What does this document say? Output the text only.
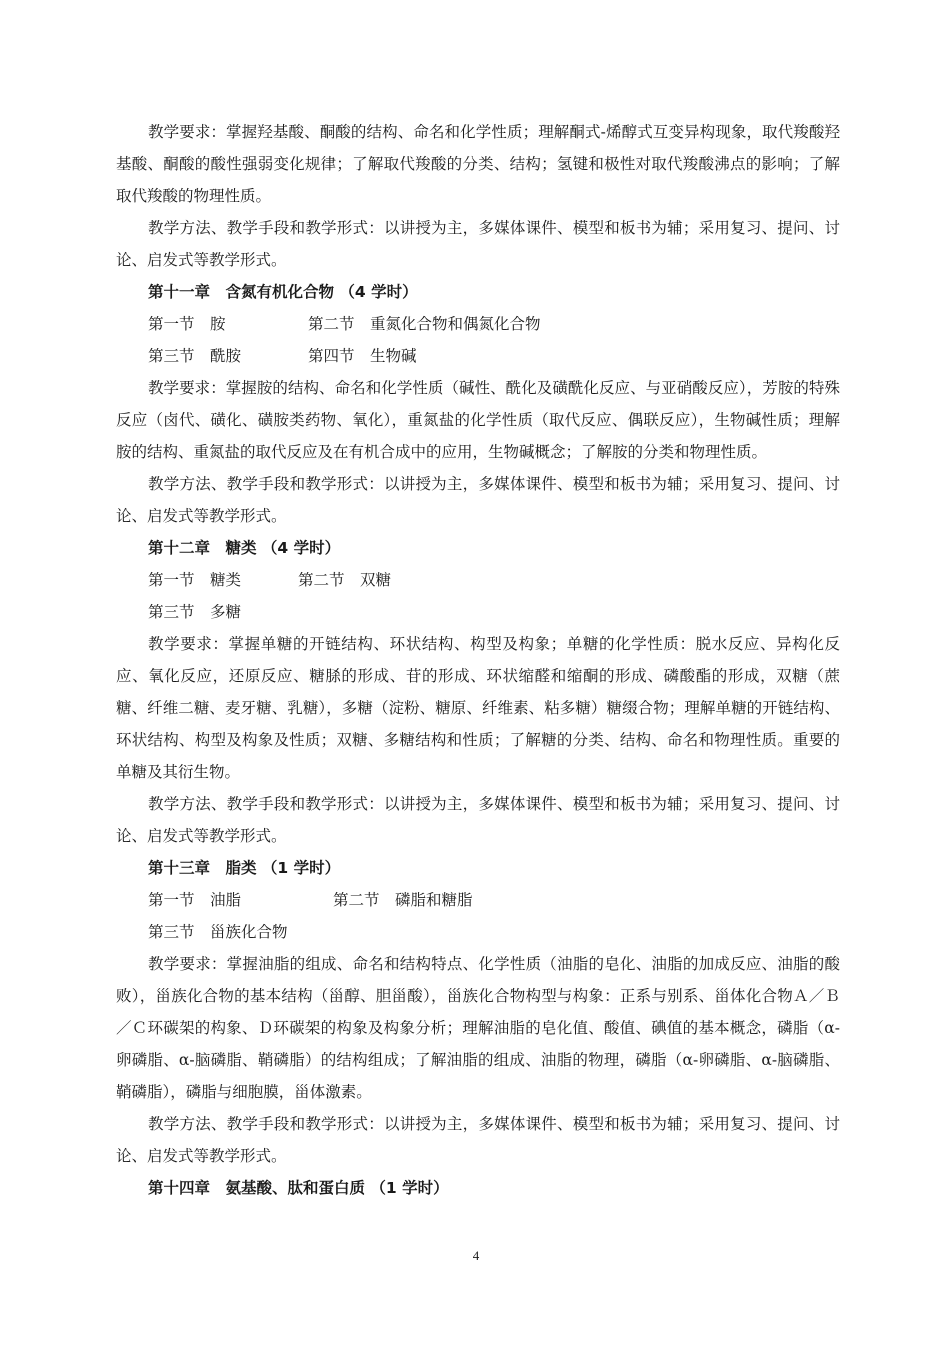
教学要求：掌握羟基酸、酮酸的结构、命名和化学性质；理解酮式-烯醇式互变异构现象，取代羧酸羟基酸、酮酸的酸性强弱变化规律；了解取代羧酸的分类、结构；氢键和极性对取代羧酸沸点的影响；了解取代羧酸的物理性质。

教学方法、教学手段和教学形式：以讲授为主，多媒体课件、模型和板书为辅；采用复习、提问、讨论、启发式等教学形式。

第十一章　含氮有机化合物 （4 学时）

第一节　胺	第二节　重氮化合物和偶氮化合物

第三节　酰胺	第四节　生物碱

教学要求：掌握胺的结构、命名和化学性质（碱性、酰化及磺酰化反应、与亚硝酸反应），芳胺的特殊反应（卤代、磺化、磺胺类药物、氧化），重氮盐的化学性质（取代反应、偶联反应），生物碱性质；理解胺的结构、重氮盐的取代反应及在有机合成中的应用，生物碱概念；了解胺的分类和物理性质。

教学方法、教学手段和教学形式：以讲授为主，多媒体课件、模型和板书为辅；采用复习、提问、讨论、启发式等教学形式。

第十二章　糖类 （4 学时）

第一节　糖类	第二节　双糖

第三节　多糖

教学要求：掌握单糖的开链结构、环状结构、构型及构象；单糖的化学性质：脱水反应、异构化反应、氧化反应，还原反应、糖脎的形成、苷的形成、环状缩醛和缩酮的形成、磷酸酯的形成，双糖（蔗糖、纤维二糖、麦牙糖、乳糖），多糖（淀粉、糖原、纤维素、粘多糖）糖缀合物；理解单糖的开链结构、环状结构、构型及构象及性质；双糖、多糖结构和性质；了解糖的分类、结构、命名和物理性质。重要的单糖及其衍生物。

教学方法、教学手段和教学形式：以讲授为主，多媒体课件、模型和板书为辅；采用复习、提问、讨论、启发式等教学形式。

第十三章　脂类 （1 学时）

第一节　油脂	第二节　磷脂和糖脂

第三节　甾族化合物

教学要求：掌握油脂的组成、命名和结构特点、化学性质（油脂的皂化、油脂的加成反应、油脂的酸败），甾族化合物的基本结构（甾醇、胆甾酸），甾族化合物构型与构象：正系与别系、甾体化合物Ａ／Ｂ／Ｃ环碳架的构象、Ｄ环碳架的构象及构象分析；理解油脂的皂化值、酸值、碘值的基本概念，磷脂（α-卵磷脂、α-脑磷脂、鞘磷脂）的结构组成；了解油脂的组成、油脂的物理，磷脂（α-卵磷脂、α-脑磷脂、鞘磷脂），磷脂与细胞膜，甾体激素。

教学方法、教学手段和教学形式：以讲授为主，多媒体课件、模型和板书为辅；采用复习、提问、讨论、启发式等教学形式。

第十四章　氨基酸、肽和蛋白质 （1 学时）

4
